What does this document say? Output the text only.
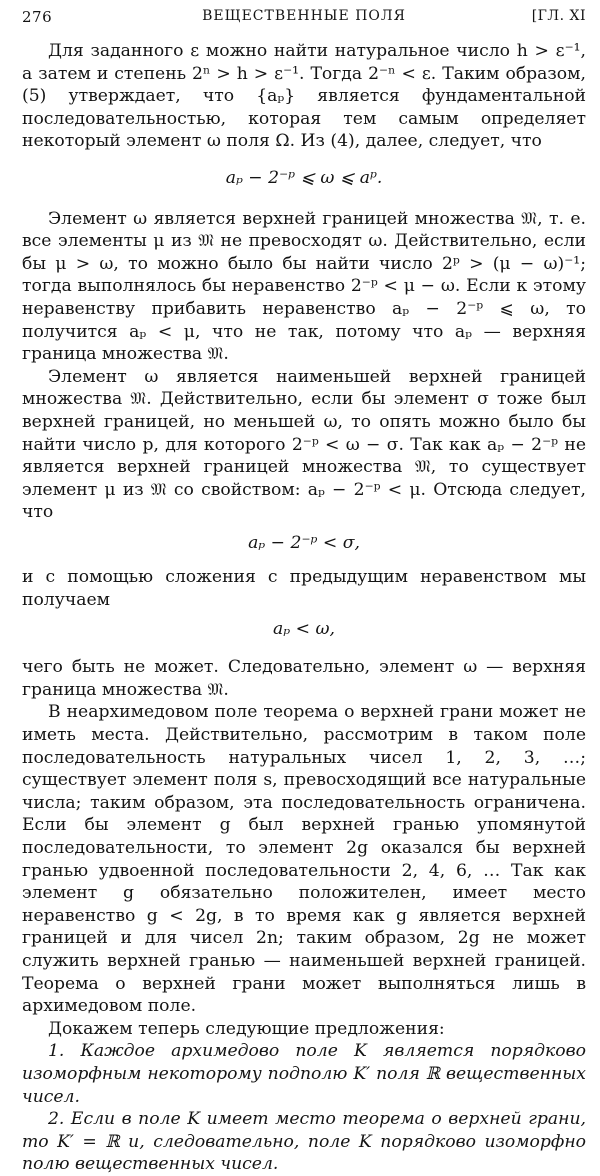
276	ВЕЩЕСТВЕННЫЕ ПОЛЯ	[ГЛ. XI

Для заданного ε можно найти натуральное число h > ε⁻¹, а затем и степень 2ⁿ > h > ε⁻¹. Тогда 2⁻ⁿ < ε. Таким образом, (5) утверждает, что {aₚ} является фундаментальной последовательностью, которая тем самым определяет некоторый элемент ω поля Ω. Из (4), далее, следует, что

aₚ − 2⁻ᵖ ⩽ ω ⩽ aᵖ.

Элемент ω является верхней границей множества 𝔐, т. е. все элементы μ из 𝔐 не превосходят ω. Действительно, если бы μ > ω, то можно было бы найти число 2ᵖ > (μ − ω)⁻¹; тогда выполнялось бы неравенство 2⁻ᵖ < μ − ω. Если к этому неравенству прибавить неравенство aₚ − 2⁻ᵖ ⩽ ω, то получится aₚ < μ, что не так, потому что aₚ — верхняя граница множества 𝔐.

Элемент ω является наименьшей верхней границей множества 𝔐. Действительно, если бы элемент σ тоже был верхней границей, но меньшей ω, то опять можно было бы найти число p, для которого 2⁻ᵖ < ω − σ. Так как aₚ − 2⁻ᵖ не является верхней границей множества 𝔐, то существует элемент μ из 𝔐 со свойством: aₚ − 2⁻ᵖ < μ. Отсюда следует, что

aₚ − 2⁻ᵖ < σ,

и с помощью сложения с предыдущим неравенством мы получаем

aₚ < ω,

чего быть не может. Следовательно, элемент ω — верхняя граница множества 𝔐.

В неархимедовом поле теорема о верхней грани может не иметь места. Действительно, рассмотрим в таком поле последовательность натуральных чисел 1, 2, 3, …; существует элемент поля s, превосходящий все натуральные числа; таким образом, эта последовательность ограничена. Если бы элемент g был верхней гранью упомянутой последовательности, то элемент 2g оказался бы верхней гранью удвоенной последовательности 2, 4, 6, … Так как элемент g обязательно положителен, имеет место неравенство g < 2g, в то время как g является верхней границей и для чисел 2n; таким образом, 2g не может служить верхней гранью — наименьшей верхней границей. Теорема о верхней грани может выполняться лишь в архимедовом поле.

Докажем теперь следующие предложения:

1. Каждое архимедово поле K является порядково изоморфным некоторому подполю K′ поля ℝ вещественных чисел.

2. Если в поле K имеет место теорема о верхней грани, то K′ = ℝ и, следовательно, поле K порядково изоморфно полю вещественных чисел.
